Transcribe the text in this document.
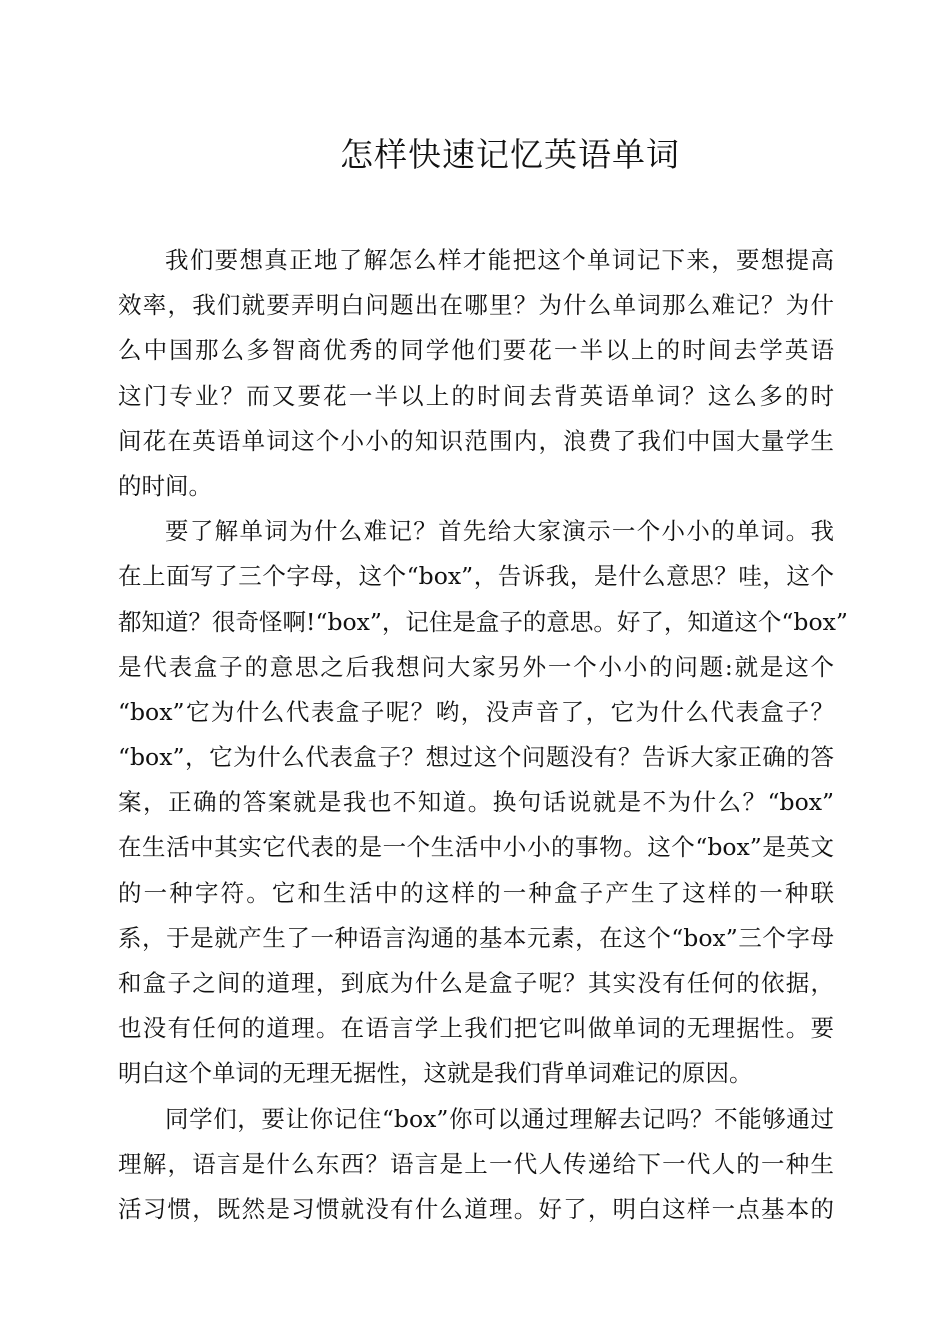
怎样快速记忆英语单词
我们要想真正地了解怎么样才能把这个单词记下来，要想提高
效率，我们就要弄明白问题出在哪里？为什么单词那么难记？为什
么中国那么多智商优秀的同学他们要花一半以上的时间去学英语
这门专业？而又要花一半以上的时间去背英语单词？这么多的时
间花在英语单词这个小小的知识范围内，浪费了我们中国大量学生
的时间。
要了解单词为什么难记？首先给大家演示一个小小的单词。我
在上面写了三个字母，这个“box”，告诉我，是什么意思？哇，这个
都知道？很奇怪啊!“box”，记住是盒子的意思。好了，知道这个“box”
是代表盒子的意思之后我想问大家另外一个小小的问题:就是这个
“box”它为什么代表盒子呢？哟，没声音了，它为什么代表盒子？
“box”，它为什么代表盒子？想过这个问题没有？告诉大家正确的答
案，正确的答案就是我也不知道。换句话说就是不为什么？“box”
在生活中其实它代表的是一个生活中小小的事物。这个“box”是英文
的一种字符。它和生活中的这样的一种盒子产生了这样的一种联
系，于是就产生了一种语言沟通的基本元素，在这个“box”三个字母
和盒子之间的道理，到底为什么是盒子呢？其实没有任何的依据，
也没有任何的道理。在语言学上我们把它叫做单词的无理据性。要
明白这个单词的无理无据性，这就是我们背单词难记的原因。
同学们，要让你记住“box”你可以通过理解去记吗？不能够通过
理解，语言是什么东西？语言是上一代人传递给下一代人的一种生
活习惯，既然是习惯就没有什么道理。好了，明白这样一点基本的
